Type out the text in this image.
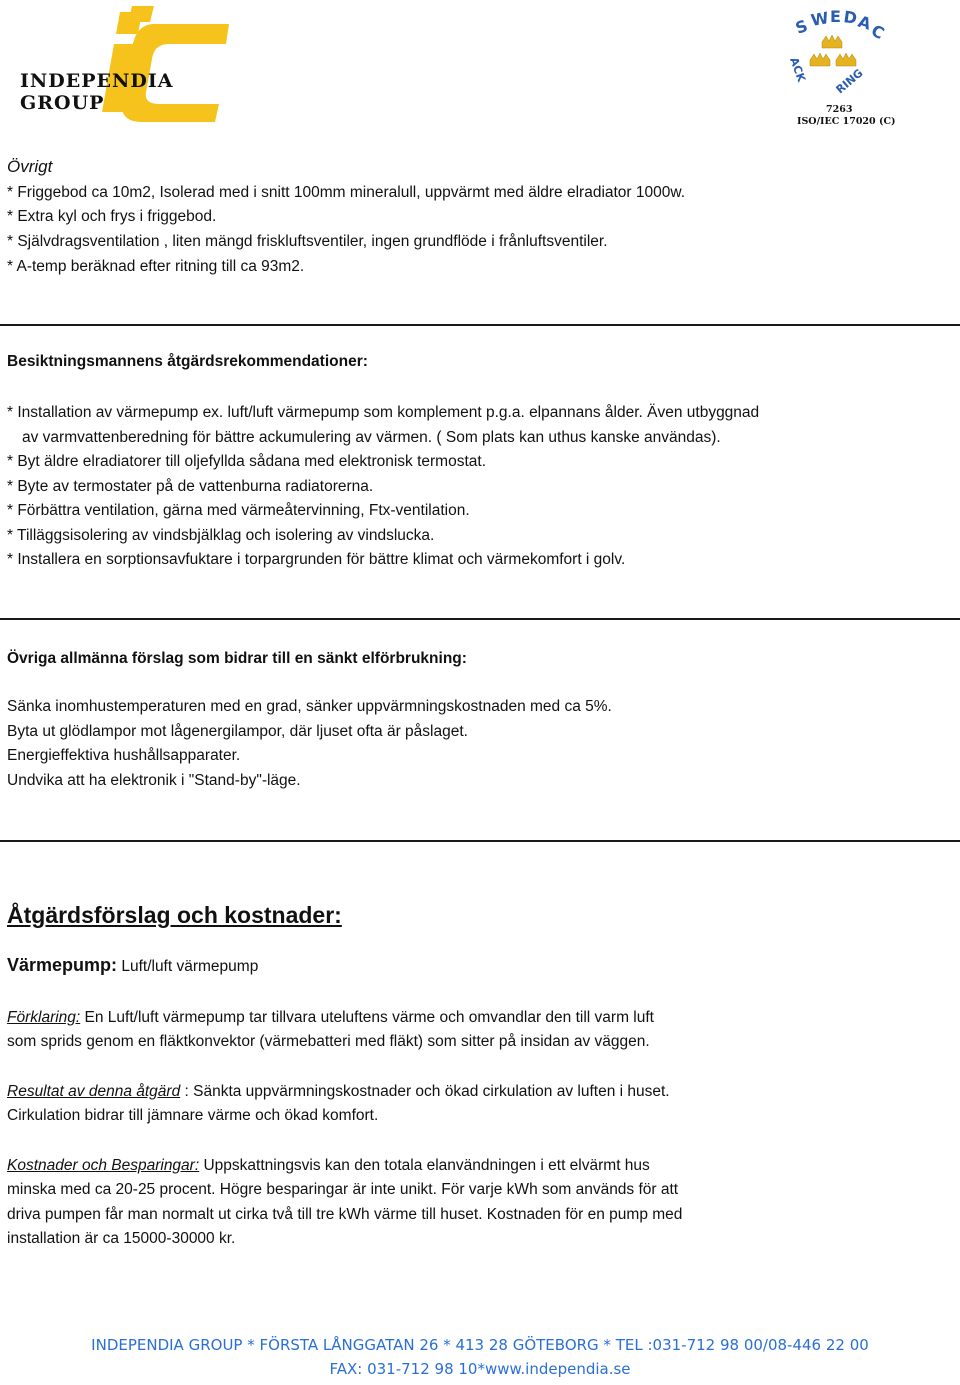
INDEPENDIA GROUP
S W E D
A
C
ACK RING
7263
ISO/IEC 17020 (C)
Övrigt
* Friggebod ca 10m2, Isolerad med i snitt 100mm mineralull, uppvärmt med äldre elradiator 1000w.
* Extra kyl och frys i friggebod.
* Självdragsventilation , liten mängd friskluftsventiler, ingen grundflöde i frånluftsventiler.
* A-temp beräknad efter ritning till ca 93m2.
Besiktningsmannens åtgärdsrekommendationer:
* Installation av värmepump ex. luft/luft värmepump som komplement p.g.a. elpannans ålder. Även utbyggnad
av varmvattenberedning för bättre ackumulering av värmen. ( Som plats kan uthus kanske användas).
* Byt äldre elradiatorer till oljefyllda sådana med elektronisk termostat.
* Byte av termostater på de vattenburna radiatorerna.
* Förbättra ventilation, gärna med värmeåtervinning, Ftx-ventilation.
* Tilläggsisolering av vindsbjälklag och isolering av vindslucka.
* Installera en sorptionsavfuktare i torpargrunden för bättre klimat och värmekomfort i golv.
Övriga allmänna förslag som bidrar till en sänkt elförbrukning:
Sänka inomhustemperaturen med en grad, sänker uppvärmningskostnaden med ca 5%.
Byta ut glödlampor mot lågenergilampor, där ljuset ofta är påslaget.
Energieffektiva hushållsapparater.
Undvika att ha elektronik i "Stand-by"-läge.
Åtgärdsförslag och kostnader:
Värmepump: Luft/luft värmepump
Förklaring: En Luft/luft värmepump tar tillvara uteluftens värme och omvandlar den till varm luft
som sprids genom en fläktkonvektor (värmebatteri med fläkt) som sitter på insidan av väggen.
Resultat av denna åtgärd : Sänkta uppvärmningskostnader och ökad cirkulation av luften i huset.
Cirkulation bidrar till jämnare värme och ökad komfort.
Kostnader och Besparingar: Uppskattningsvis kan den totala elanvändningen i ett elvärmt hus
minska med ca 20-25 procent. Högre besparingar är inte unikt. För varje kWh som används för att
driva pumpen får man normalt ut cirka två till tre kWh värme till huset. Kostnaden för en pump med
installation är ca 15000-30000 kr.
INDEPENDIA GROUP * FÖRSTA LÅNGGATAN 26 * 413 28 GÖTEBORG * TEL :031-712 98 00/08-446 22 00
FAX: 031-712 98 10*www.independia.se
